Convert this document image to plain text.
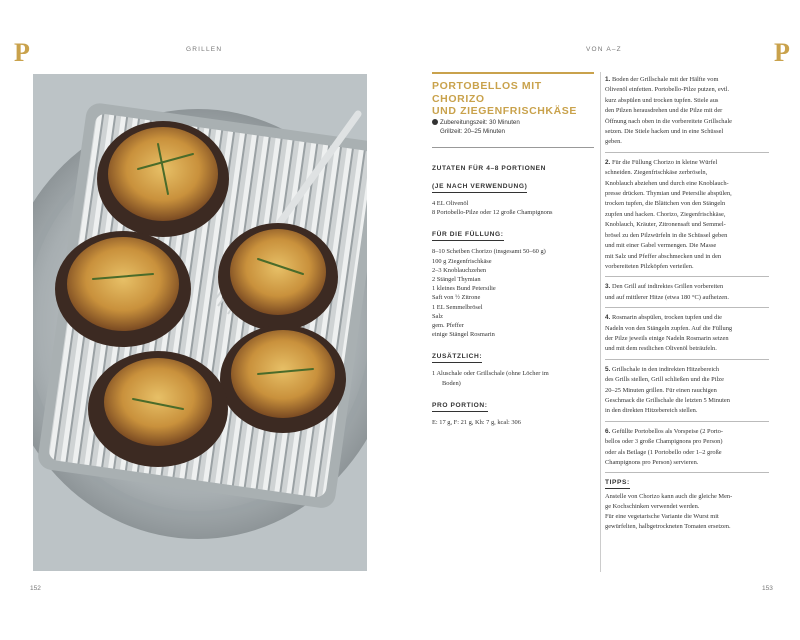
P	GRILLEN
152
VON A–Z	P
PORTOBELLOS MIT CHORIZO
UND ZIEGENFRISCHKÄSE
Zubereitungszeit: 30 Minuten
Grillzeit: 20–25 Minuten
ZUTATEN FÜR 4–8 PORTIONEN
(JE NACH VERWENDUNG)
4 EL Olivenöl
8 Portobello-Pilze oder 12 große Champignons
FÜR DIE FÜLLUNG:
8–10 Scheiben Chorizo (insgesamt 50–60 g)
100 g Ziegenfrischkäse
2–3 Knoblauchzehen
2 Stängel Thymian
1 kleines Bund Petersilie
Saft von ½ Zitrone
1 EL Semmelbrösel
Salz
gem. Pfeffer
einige Stängel Rosmarin
ZUSÄTZLICH:
1 Aluschale oder Grillschale (ohne Löcher im
Boden)
PRO PORTION:
E: 17 g, F: 21 g, Kh: 7 g, kcal: 306
1. Boden der Grillschale mit der Hälfte vom
Olivenöl einfetten. Portobello-Pilze putzen, evtl.
kurz abspülen und trocken tupfen. Stiele aus
den Pilzen herausdrehen und die Pilze mit der
Öffnung nach oben in die vorbereitete Grillschale
setzen. Die Stiele hacken und in eine Schüssel
geben.
2. Für die Füllung Chorizo in kleine Würfel
schneiden. Ziegenfrischkäse zerbröseln,
Knoblauch abziehen und durch eine Knoblauch-
presse drücken. Thymian und Petersilie abspülen,
trocken tupfen, die Blättchen von den Stängeln
zupfen und hacken. Chorizo, Ziegenfrischkäse,
Knoblauch, Kräuter, Zitronensaft und Semmel-
brösel zu den Pilzwürfeln in die Schüssel geben
und mit einer Gabel vermengen. Die Masse
mit Salz und Pfeffer abschmecken und in den
vorbereiteten Pilzköpfen verteilen.
3. Den Grill auf indirektes Grillen vorbereiten
und auf mittlerer Hitze (etwa 180 °C) aufheizen.
4. Rosmarin abspülen, trocken tupfen und die
Nadeln von den Stängeln zupfen. Auf die Füllung
der Pilze jeweils einige Nadeln Rosmarin setzen
und mit dem restlichen Olivenöl beträufeln.
5. Grillschale in den indirekten Hitzebereich
des Grills stellen, Grill schließen und die Pilze
20–25 Minuten grillen. Für einen rauchigen
Geschmack die Grillschale die letzten 5 Minuten
in den direkten Hitzebereich stellen.
6. Gefüllte Portobellos als Vorspeise (2 Porto-
bellos oder 3 große Champignons pro Person)
oder als Beilage (1 Portobello oder 1–2 große
Champignons pro Person) servieren.
TIPPS:
Anstelle von Chorizo kann auch die gleiche Men-
ge Kochschinken verwendet werden.
Für eine vegetarische Variante die Wurst mit
gewürfelten, halbgetrockneten Tomaten ersetzen.
153
